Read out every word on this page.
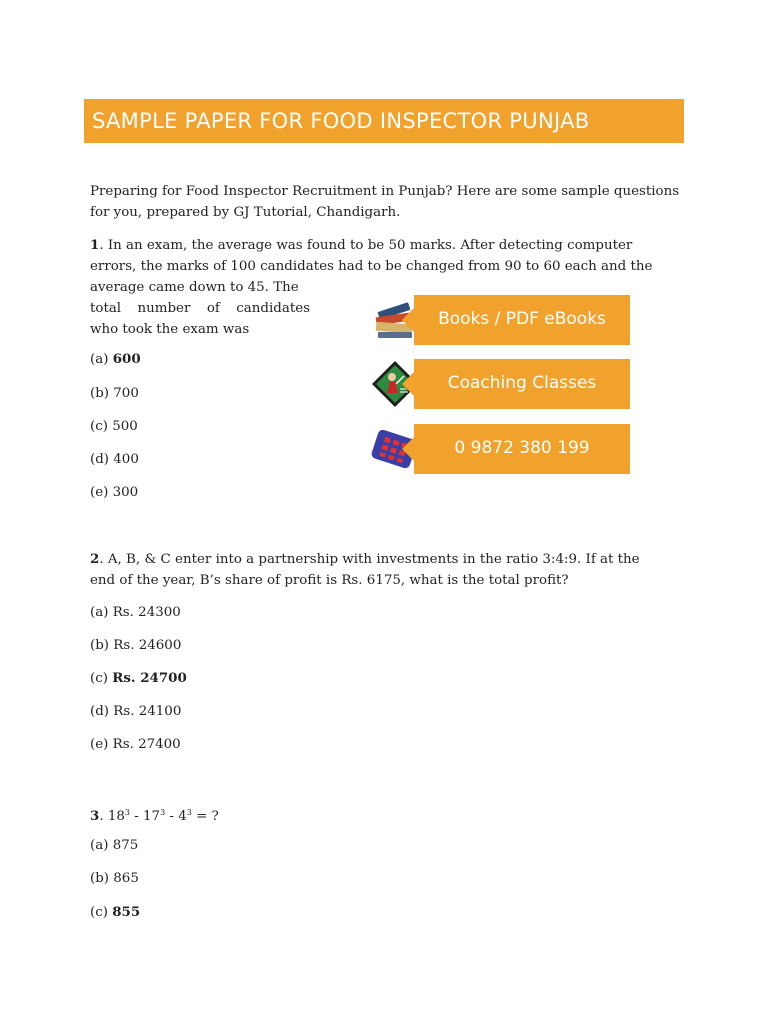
SAMPLE PAPER FOR FOOD INSPECTOR PUNJAB
Preparing for Food Inspector Recruitment in Punjab? Here are some sample questions
for you, prepared by GJ Tutorial, Chandigarh.
1. In an exam, the average was found to be 50 marks. After detecting computer
errors, the marks of 100 candidates had to be changed from 90 to 60 each and the
average came down to 45. The
total number of candidates
who took the exam was
(a) 600
(b) 700
(c) 500
(d) 400
(e) 300
Books / PDF eBooks
Coaching Classes
0 9872 380 199
2. A, B, & C enter into a partnership with investments in the ratio 3:4:9. If at the
end of the year, B’s share of profit is Rs. 6175, what is the total profit?
(a) Rs. 24300
(b) Rs. 24600
(c) Rs. 24700
(d) Rs. 24100
(e) Rs. 27400
3. $18^3 - 17^3 - 4^3$ = ?
(a) 875
(b) 865
(c) 855
